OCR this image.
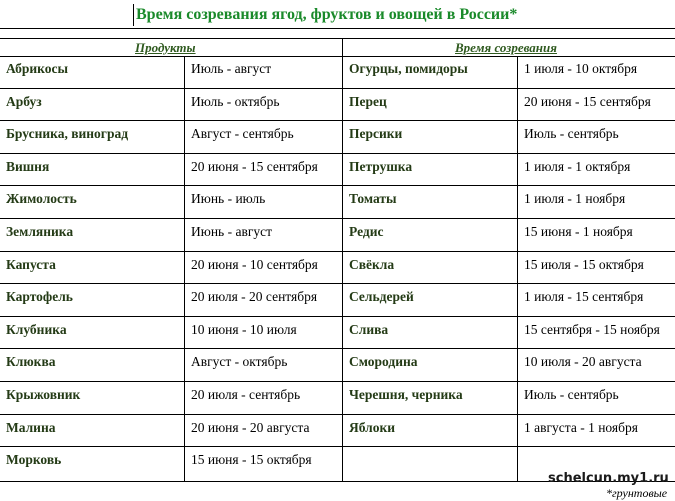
Время созревания ягод, фруктов и овощей в России*
Продукты	Время созревания
Абрикосы	Июль - август	Огурцы, помидоры	1 июля - 10 октября
Арбуз	Июль - октябрь	Перец	20 июня - 15 сентября
Брусника, виноград	Август - сентябрь	Персики	Июль - сентябрь
Вишня	20 июня - 15 сентября	Петрушка	1 июля - 1 октября
Жимолость	Июнь - июль	Томаты	1 июля - 1 ноября
Земляника	Июнь - август	Редис	15 июня - 1 ноября
Капуста	20 июня - 10 сентября	Свёкла	15 июля - 15 октября
Картофель	20 июля - 20 сентября	Сельдерей	1 июля - 15 сентября
Клубника	10 июня - 10 июля	Слива	15 сентября - 15 ноября
Клюква	Август - октябрь	Смородина	10 июля - 20 августа
Крыжовник	20 июля - сентябрь	Черешня, черника	Июль - сентябрь
Малина	20 июня - 20 августа	Яблоки	1 августа - 1 ноября
Морковь	15 июня - 15 октября
schelcun.my1.ru
*грунтовые
